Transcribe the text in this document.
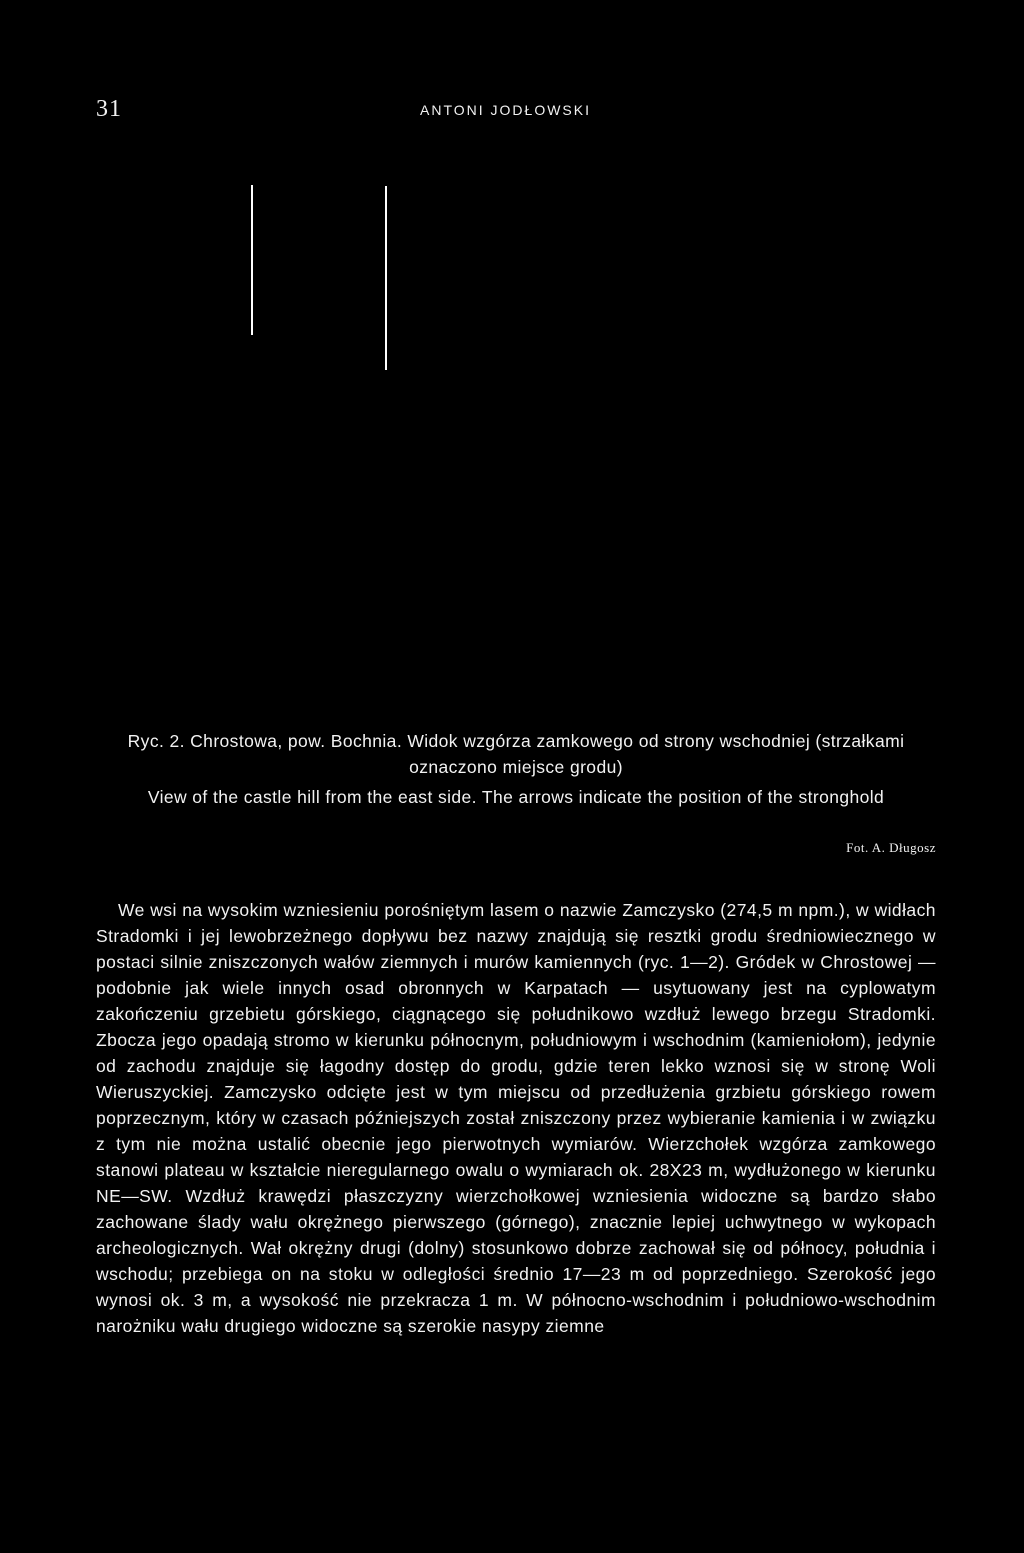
31	ANTONI JODŁOWSKI

Ryc. 2. Chrostowa, pow. Bochnia. Widok wzgórza zamkowego od strony wschodniej (strzałkami oznaczono miejsce grodu)

View of the castle hill from the east side. The arrows indicate the position of the stronghold

Fot. A. Długosz

We wsi na wysokim wzniesieniu porośniętym lasem o nazwie Zamczysko (274,5 m npm.), w widłach Stradomki i jej lewobrzeżnego dopływu bez nazwy znajdują się resztki grodu średniowiecznego w postaci silnie zniszczonych wałów ziemnych i murów kamiennych (ryc. 1—2). Gródek w Chrostowej — podobnie jak wiele innych osad obronnych w Karpatach — usytuowany jest na cyplowatym zakończeniu grzebietu górskiego, ciągnącego się południkowo wzdłuż lewego brzegu Stradomki. Zbocza jego opadają stromo w kierunku północnym, południowym i wschodnim (kamieniołom), jedynie od zachodu znajduje się łagodny dostęp do grodu, gdzie teren lekko wznosi się w stronę Woli Wieruszyckiej. Zamczysko odcięte jest w tym miejscu od przedłużenia grzbietu górskiego rowem poprzecznym, który w czasach późniejszych został zniszczony przez wybieranie kamienia i w związku z tym nie można ustalić obecnie jego pierwotnych wymiarów. Wierzchołek wzgórza zamkowego stanowi plateau w kształcie nieregularnego owalu o wymiarach ok. 28X23 m, wydłużonego w kierunku NE—SW. Wzdłuż krawędzi płaszczyzny wierzchołkowej wzniesienia widoczne są bardzo słabo zachowane ślady wału okrężnego pierwszego (górnego), znacznie lepiej uchwytnego w wykopach archeologicznych. Wał okrężny drugi (dolny) stosunkowo dobrze zachował się od północy, południa i wschodu; przebiega on na stoku w odległości średnio 17—23 m od poprzedniego. Szerokość jego wynosi ok. 3 m, a wysokość nie przekracza 1 m. W północno-wschodnim i południowo-wschodnim narożniku wału drugiego widoczne są szerokie nasypy ziemne
